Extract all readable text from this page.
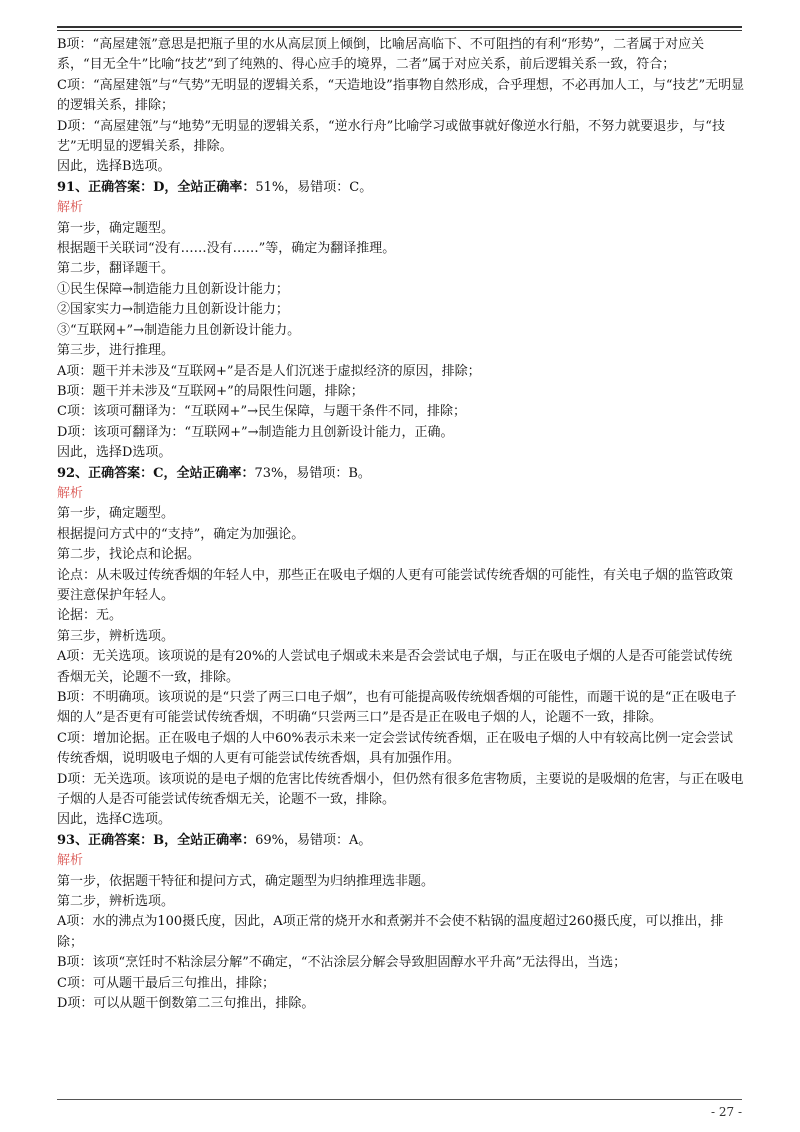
B项：“高屋建瓴”意思是把瓶子里的水从高层顶上倾倒，比喻居高临下、不可阻挡的有利“形势”，二者属于对应关系，“目无全牛”比喻“技艺”到了纯熟的、得心应手的境界，二者”属于对应关系，前后逻辑关系一致，符合；

C项：“高屋建瓴”与“气势”无明显的逻辑关系，“天造地设”指事物自然形成，合乎理想，不必再加人工，与“技艺”无明显的逻辑关系，排除；

D项：“高屋建瓴”与“地势”无明显的逻辑关系，“逆水行舟”比喻学习或做事就好像逆水行船，不努力就要退步，与“技艺”无明显的逻辑关系，排除。

因此，选择B选项。

91、正确答案：D，全站正确率：51%，易错项：C。

解析

第一步，确定题型。

根据题干关联词“没有……没有……”等，确定为翻译推理。

第二步，翻译题干。

①民生保障→制造能力且创新设计能力；

②国家实力→制造能力且创新设计能力；

③“互联网+”→制造能力且创新设计能力。

第三步，进行推理。

A项：题干并未涉及“互联网+”是否是人们沉迷于虚拟经济的原因，排除；

B项：题干并未涉及“互联网+”的局限性问题，排除；

C项：该项可翻译为：“互联网+”→民生保障，与题干条件不同，排除；

D项：该项可翻译为：“互联网+”→制造能力且创新设计能力，正确。

因此，选择D选项。

92、正确答案：C，全站正确率：73%，易错项：B。

解析

第一步，确定题型。

根据提问方式中的“支持”，确定为加强论。

第二步，找论点和论据。

论点：从未吸过传统香烟的年轻人中，那些正在吸电子烟的人更有可能尝试传统香烟的可能性，有关电子烟的监管政策要注意保护年轻人。

论据：无。

第三步，辨析选项。

A项：无关选项。该项说的是有20%的人尝试电子烟或未来是否会尝试电子烟，与正在吸电子烟的人是否可能尝试传统香烟无关，论题不一致，排除。

B项：不明确项。该项说的是“只尝了两三口电子烟”，也有可能提高吸传统烟香烟的可能性，而题干说的是“正在吸电子烟的人”是否更有可能尝试传统香烟，不明确“只尝两三口”是否是正在吸电子烟的人，论题不一致，排除。

C项：增加论据。正在吸电子烟的人中60%表示未来一定会尝试传统香烟，正在吸电子烟的人中有较高比例一定会尝试传统香烟，说明吸电子烟的人更有可能尝试传统香烟，具有加强作用。

D项：无关选项。该项说的是电子烟的危害比传统香烟小，但仍然有很多危害物质，主要说的是吸烟的危害，与正在吸电子烟的人是否可能尝试传统香烟无关，论题不一致，排除。

因此，选择C选项。

93、正确答案：B，全站正确率：69%，易错项：A。

解析

第一步，依据题干特征和提问方式，确定题型为归纳推理选非题。

第二步，辨析选项。

A项：水的沸点为100摄氏度，因此，A项正常的烧开水和煮粥并不会使不粘锅的温度超过260摄氏度，可以推出，排除；

B项：该项“烹饪时不粘涂层分解”不确定，“不沾涂层分解会导致胆固醇水平升高”无法得出，当选；

C项：可从题干最后三句推出，排除；

D项：可以从题干倒数第二三句推出，排除。

- 27 -
